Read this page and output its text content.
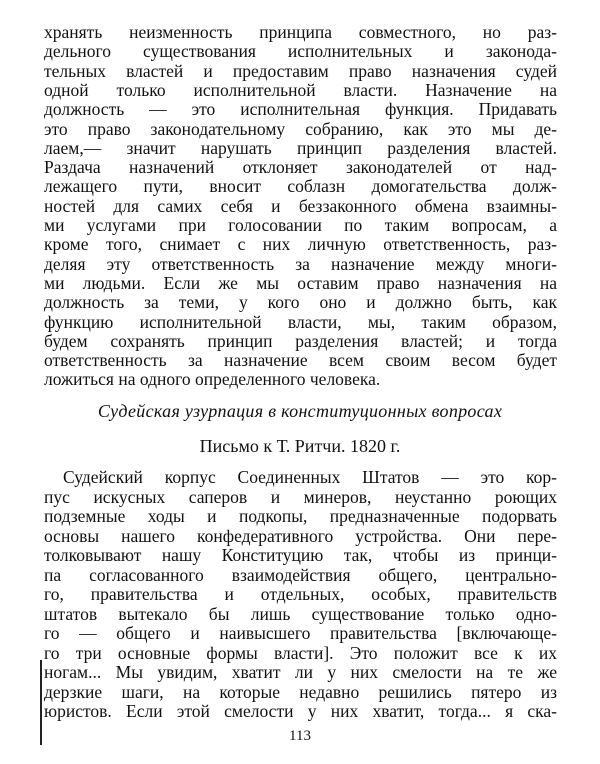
хранять неизменность принципа совместного, но раз-
дельного существования исполнительных и законода-
тельных властей и предоставим право назначения судей
одной только исполнительной власти. Назначение на
должность — это исполнительная функция. Придавать
это право законодательному собранию, как это мы де-
лаем,— значит нарушать принцип разделения властей.
Раздача назначений отклоняет законодателей от над-
лежащего пути, вносит соблазн домогательства долж-
ностей для самих себя и беззаконного обмена взаимны-
ми услугами при голосовании по таким вопросам, а
кроме того, снимает с них личную ответственность, раз-
деляя эту ответственность за назначение между многи-
ми людьми. Если же мы оставим право назначения на
должность за теми, у кого оно и должно быть, как
функцию исполнительной власти, мы, таким образом,
будем сохранять принцип разделения властей; и тогда
ответственность за назначение всем своим весом будет
ложиться на одного определенного человека.
Судейская узурпация в конституционных вопросах
Письмо к Т. Ритчи. 1820 г.
Судейский корпус Соединенных Штатов — это кор-
пус искусных саперов и минеров, неустанно роющих
подземные ходы и подкопы, предназначенные подорвать
основы нашего конфедеративного устройства. Они пере-
толковывают нашу Конституцию так, чтобы из принци-
па согласованного взаимодействия общего, центрально-
го, правительства и отдельных, особых, правительств
штатов вытекало бы лишь существование только одно-
го — общего и наивысшего правительства [включающе-
го три основные формы власти]. Это положит все к их
ногам... Мы увидим, хватит ли у них смелости на те же
дерзкие шаги, на которые недавно решились пятеро из
юристов. Если этой смелости у них хватит, тогда... я ска-
113
